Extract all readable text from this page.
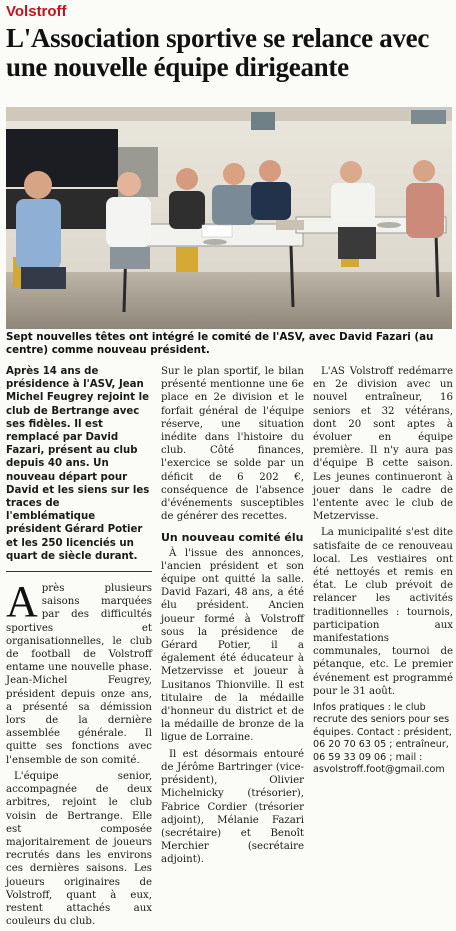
Volstroff
L'Association sportive se relance avec une nouvelle équipe dirigeante
Sept nouvelles têtes ont intégré le comité de l'ASV, avec David Fazari (au centre) comme nouveau président.
Après 14 ans de présidence à l'ASV, Jean Michel Feugrey rejoint le club de Bertrange avec ses fidèles. Il est remplacé par David Fazari, présent au club depuis 40 ans. Un nouveau départ pour David et les siens sur les traces de l'emblématique président Gérard Potier et les 250 licenciés un quart de siècle durant.

Après plusieurs saisons marquées par des difficultés sportives et organisationnelles, le club de football de Volstroff entame une nouvelle phase. Jean-Michel Feugrey, président depuis onze ans, a présenté sa démission lors de la dernière assemblée générale. Il quitte ses fonctions avec l'ensemble de son comité.

L'équipe senior, accompagnée de deux arbitres, rejoint le club voisin de Bertrange. Elle est composée majoritairement de joueurs recrutés dans les environs ces dernières saisons. Les joueurs originaires de Volstroff, quant à eux, restent attachés aux couleurs du club.

Sur le plan sportif, le bilan présenté mentionne une 6e place en 2e division et le forfait général de l'équipe réserve, une situation inédite dans l'histoire du club. Côté finances, l'exercice se solde par un déficit de 6 202 €, conséquence de l'absence d'événements susceptibles de générer des recettes.

Un nouveau comité élu

À l'issue des annonces, l'ancien président et son équipe ont quitté la salle. David Fazari, 48 ans, a été élu président. Ancien joueur formé à Volstroff sous la présidence de Gérard Potier, il a également été éducateur à Metzervisse et joueur à Lusitanos Thionville. Il est titulaire de la médaille d'honneur du district et de la médaille de bronze de la ligue de Lorraine.

Il est désormais entouré de Jérôme Bartringer (vice-président), Olivier Michelnicky (trésorier), Fabrice Cordier (trésorier adjoint), Mélanie Fazari (secrétaire) et Benoît Merchier (secrétaire adjoint).

L'AS Volstroff redémarre en 2e division avec un nouvel entraîneur, 16 seniors et 32 vétérans, dont 20 sont aptes à évoluer en équipe première. Il n'y aura pas d'équipe B cette saison. Les jeunes continueront à jouer dans le cadre de l'entente avec le club de Metzervisse.

La municipalité s'est dite satisfaite de ce renouveau local. Les vestiaires ont été nettoyés et remis en état. Le club prévoit de relancer les activités traditionnelles : tournois, participation aux manifestations communales, tournoi de pétanque, etc. Le premier événement est programmé pour le 31 août.

Infos pratiques : le club recrute des seniors pour ses équipes. Contact : président, 06 20 70 63 05 ; entraîneur, 06 59 33 09 06 ; mail : asvolstroff.foot@gmail.com
